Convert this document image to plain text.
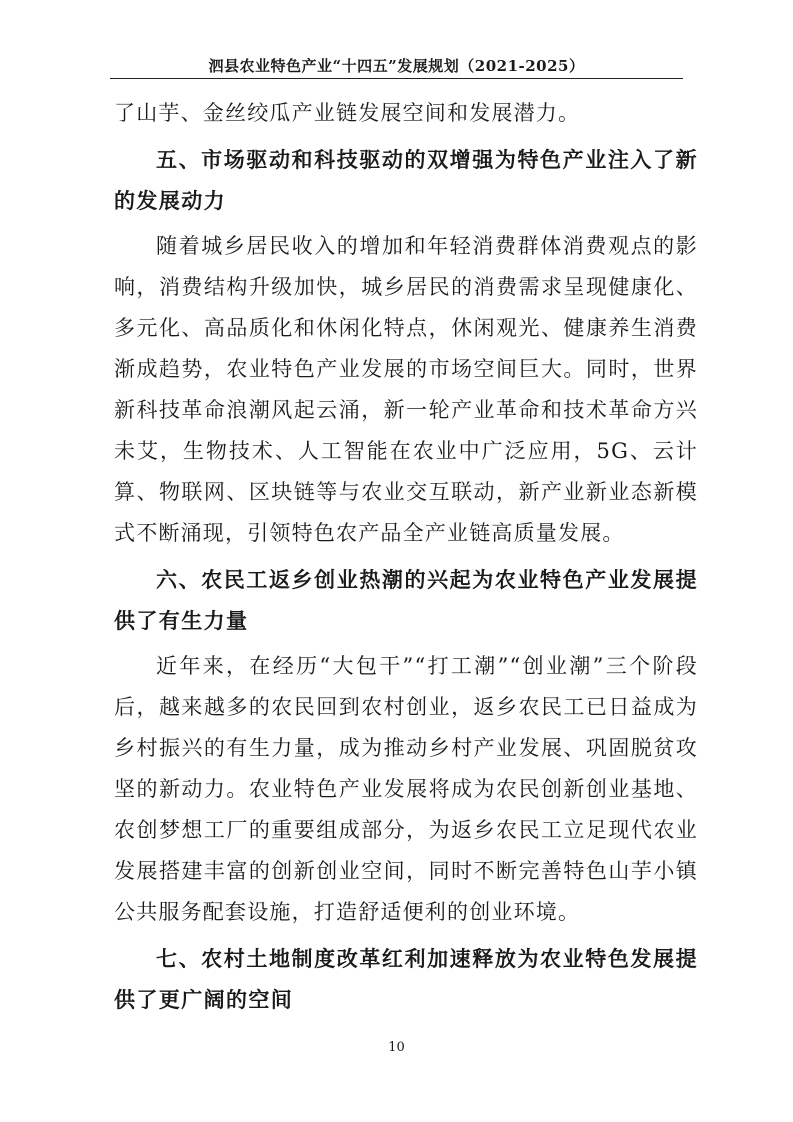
泗县农业特色产业“十四五”发展规划（2021-2025）

了山芋、金丝绞瓜产业链发展空间和发展潜力。

五、市场驱动和科技驱动的双增强为特色产业注入了新的发展动力

随着城乡居民收入的增加和年轻消费群体消费观点的影响，消费结构升级加快，城乡居民的消费需求呈现健康化、多元化、高品质化和休闲化特点，休闲观光、健康养生消费渐成趋势，农业特色产业发展的市场空间巨大。同时，世界新科技革命浪潮风起云涌，新一轮产业革命和技术革命方兴未艾，生物技术、人工智能在农业中广泛应用，5G、云计算、物联网、区块链等与农业交互联动，新产业新业态新模式不断涌现，引领特色农产品全产业链高质量发展。

六、农民工返乡创业热潮的兴起为农业特色产业发展提供了有生力量

近年来，在经历“大包干”“打工潮”“创业潮”三个阶段后，越来越多的农民回到农村创业，返乡农民工已日益成为乡村振兴的有生力量，成为推动乡村产业发展、巩固脱贫攻坚的新动力。农业特色产业发展将成为农民创新创业基地、农创梦想工厂的重要组成部分，为返乡农民工立足现代农业发展搭建丰富的创新创业空间，同时不断完善特色山芋小镇公共服务配套设施，打造舒适便利的创业环境。

七、农村土地制度改革红利加速释放为农业特色发展提供了更广阔的空间

10
